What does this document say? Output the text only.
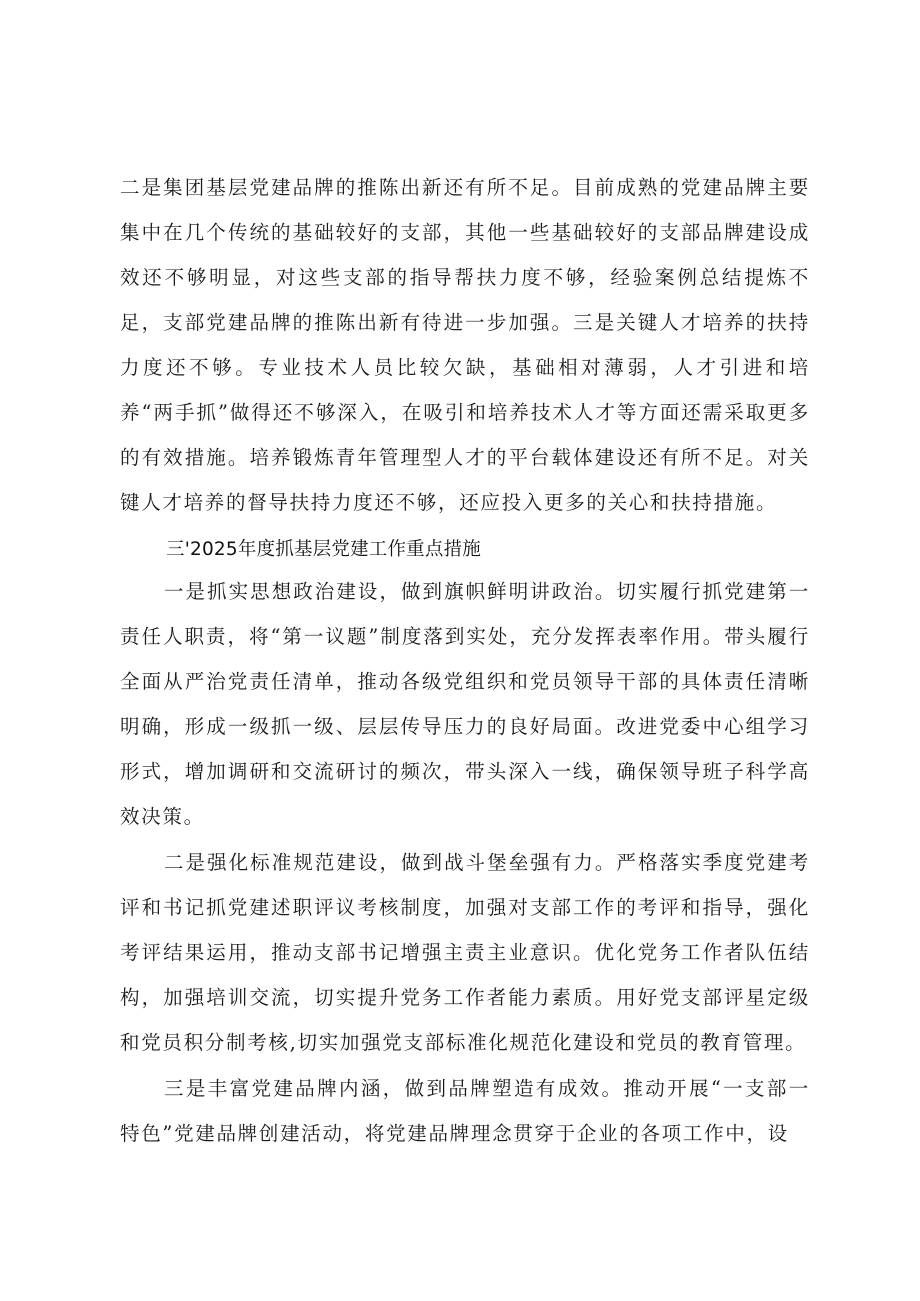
二是集团基层党建品牌的推陈出新还有所不足。目前成熟的党建品牌主要集中在几个传统的基础较好的支部，其他一些基础较好的支部品牌建设成效还不够明显，对这些支部的指导帮扶力度不够，经验案例总结提炼不足，支部党建品牌的推陈出新有待进一步加强。三是关键人才培养的扶持力度还不够。专业技术人员比较欠缺，基础相对薄弱，人才引进和培养“两手抓”做得还不够深入，在吸引和培养技术人才等方面还需采取更多的有效措施。培养锻炼青年管理型人才的平台载体建设还有所不足。对关键人才培养的督导扶持力度还不够，还应投入更多的关心和扶持措施。

三'2025年度抓基层党建工作重点措施

一是抓实思想政治建设，做到旗帜鲜明讲政治。切实履行抓党建第一责任人职责，将“第一议题”制度落到实处，充分发挥表率作用。带头履行全面从严治党责任清单，推动各级党组织和党员领导干部的具体责任清晰明确，形成一级抓一级、层层传导压力的良好局面。改进党委中心组学习形式，增加调研和交流研讨的频次，带头深入一线，确保领导班子科学高效决策。

二是强化标准规范建设，做到战斗堡垒强有力。严格落实季度党建考评和书记抓党建述职评议考核制度，加强对支部工作的考评和指导，强化考评结果运用，推动支部书记增强主责主业意识。优化党务工作者队伍结构，加强培训交流，切实提升党务工作者能力素质。用好党支部评星定级和党员积分制考核,切实加强党支部标准化规范化建设和党员的教育管理。

三是丰富党建品牌内涵，做到品牌塑造有成效。推动开展“一支部一特色”党建品牌创建活动，将党建品牌理念贯穿于企业的各项工作中，设
